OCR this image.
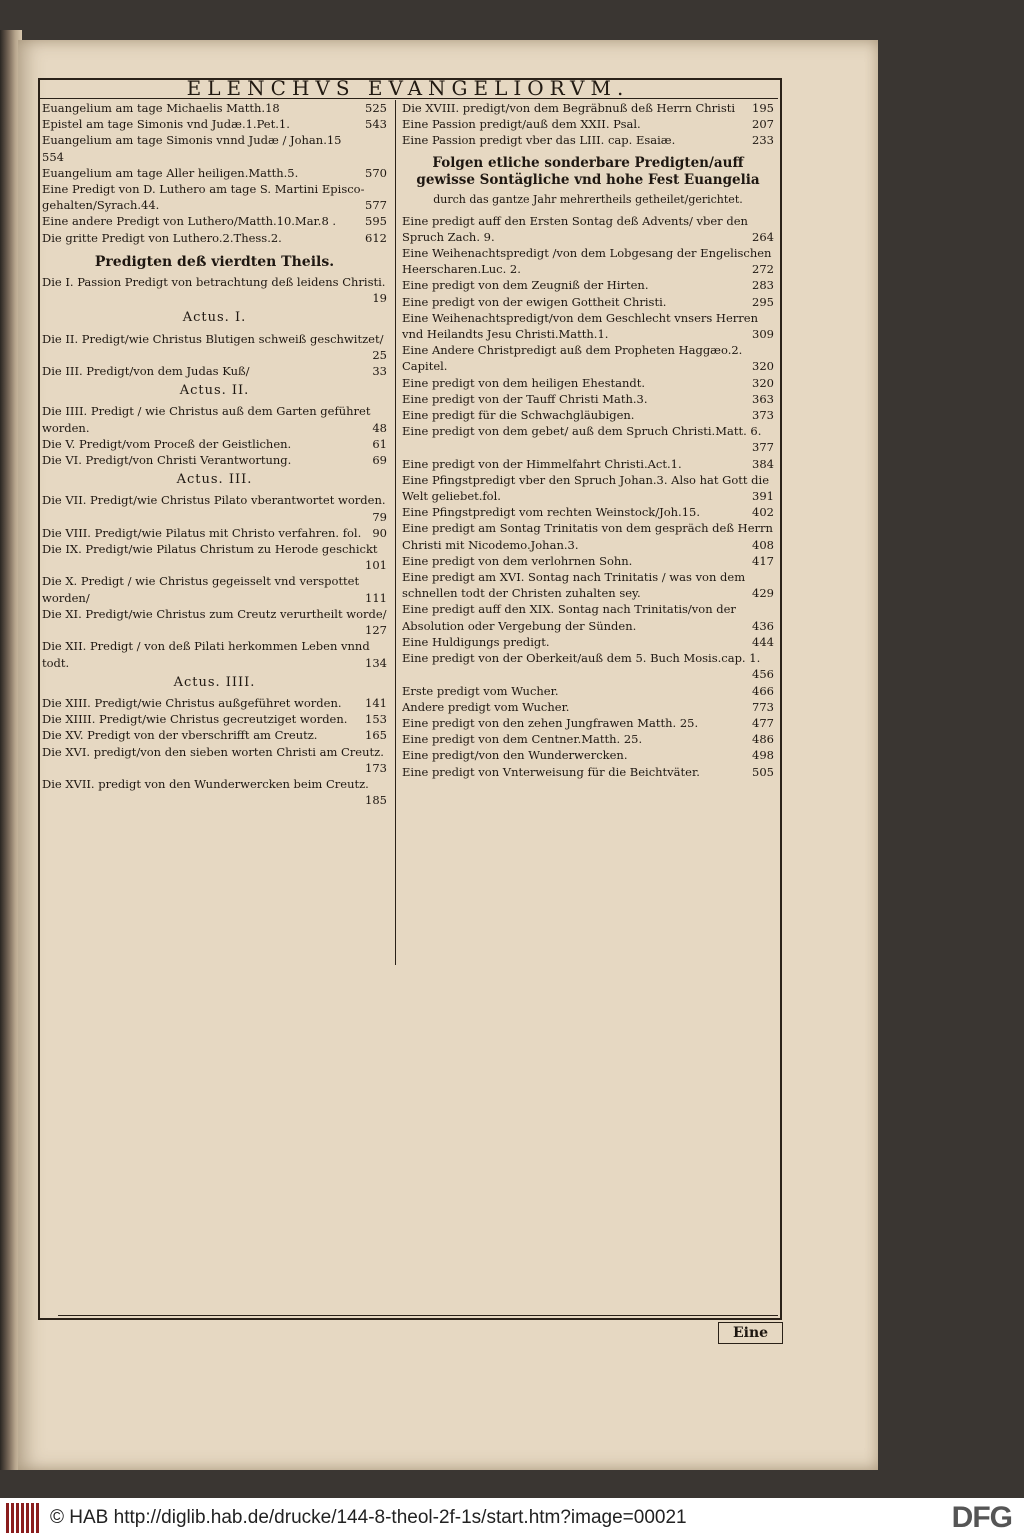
ELENCHVS EVANGELIORVM.
Euangelium am tage Michaelis Matth.18	525
Epistel am tage Simonis vnd Judæ.1.Pet.1.	543
Euangelium am tage Simonis vnnd Judæ / Johan.15
554
Euangelium am tage Aller heiligen.Matth.5.	570
Eine Predigt von D. Luthero am tage S. Martini Episco-
gehalten/Syrach.44.	577
Eine andere Predigt von Luthero/Matth.10.Mar.8 .	595
Die gritte Predigt von Luthero.2.Thess.2.	612
Predigten deß vierdten Theils.
Die I. Passion Predigt von betrachtung deß leidens Christi.
19
Actus. I.
Die II. Predigt/wie Christus Blutigen schweiß geschwitzet/
25
Die III. Predigt/von dem Judas Kuß/	33
Actus. II.
Die IIII. Predigt / wie Christus auß dem Garten geführet worden.	48
Die V. Predigt/vom Proceß der Geistlichen.	61
Die VI. Predigt/von Christi Verantwortung.	69
Actus. III.
Die VII. Predigt/wie Christus Pilato vberantwortet worden.
79
Die VIII. Predigt/wie Pilatus mit Christo verfahren. fol. 90
Die IX. Predigt/wie Pilatus Christum zu Herode geschickt
101
Die X. Predigt / wie Christus gegeisselt vnd verspottet worden/	111
Die XI. Predigt/wie Christus zum Creutz verurtheilt worde/
127
Die XII. Predigt / von deß Pilati herkommen Leben vnnd todt.	134
Actus. IIII.
Die XIII. Predigt/wie Christus außgeführet worden.	141
Die XIIII. Predigt/wie Christus gecreutziget worden.	153
Die XV. Predigt von der vberschrifft am Creutz.	165
Die XVI. predigt/von den sieben worten Christi am Creutz.
173
Die XVII. predigt von den Wunderwercken beim Creutz.
185
Die XVIII. predigt/von dem Begräbnuß deß Herrn Christi	195
Eine Passion predigt/auß dem XXII. Psal.	207
Eine Passion predigt vber das LIII. cap. Esaiæ.	233
Folgen etliche sonderbare Predigten/auff gewisse Sontägliche vnd hohe Fest Euangelia
durch das gantze Jahr mehrertheils getheilet/gerichtet.
Eine predigt auff den Ersten Sontag deß Advents/ vber den Spruch Zach. 9.	264
Eine Weihenachtspredigt /von dem Lobgesang der Engelischen Heerscharen.Luc. 2.	272
Eine predigt von dem Zeugniß der Hirten.	283
Eine predigt von der ewigen Gottheit Christi.	295
Eine Weihenachtspredigt/von dem Geschlecht vnsers Herren vnd Heilandts Jesu Christi.Matth.1.	309
Eine Andere Christpredigt auß dem Propheten Haggæo.2. Capitel.	320
Eine predigt von dem heiligen Ehestandt.	320
Eine predigt von der Tauff Christi Math.3.	363
Eine predigt für die Schwachgläubigen.	373
Eine predigt von dem gebet/ auß dem Spruch Christi.Matt. 6.
377
Eine predigt von der Himmelfahrt Christi.Act.1.	384
Eine Pfingstpredigt vber den Spruch Johan.3. Also hat Gott die Welt geliebet.fol.	391
Eine Pfingstpredigt vom rechten Weinstock/Joh.15.	402
Eine predigt am Sontag Trinitatis von dem gespräch deß Herrn Christi mit Nicodemo.Johan.3.	408
Eine predigt von dem verlohrnen Sohn.	417
Eine predigt am XVI. Sontag nach Trinitatis / was von dem schnellen todt der Christen zuhalten sey.	429
Eine predigt auff den XIX. Sontag nach Trinitatis/von der Absolution oder Vergebung der Sünden.	436
Eine Huldigungs predigt.	444
Eine predigt von der Oberkeit/auß dem 5. Buch Mosis.cap. 1.
456
Erste predigt vom Wucher.	466
Andere predigt vom Wucher.	773
Eine predigt von den zehen Jungfrawen Matth. 25.	477
Eine predigt von dem Centner.Matth. 25.	486
Eine predigt/von den Wunderwercken.	498
Eine predigt von Vnterweisung für die Beichtväter.	505
Eine
© HAB http://diglib.hab.de/drucke/144-8-theol-2f-1s/start.htm?image=00021	DFG
